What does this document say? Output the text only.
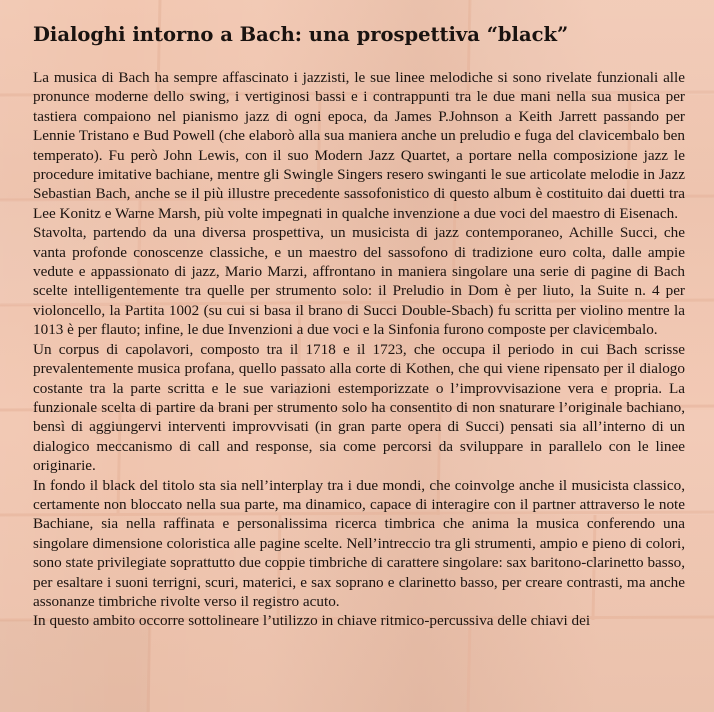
Dialoghi intorno a Bach: una prospettiva “black”

La musica di Bach ha sempre affascinato i jazzisti, le sue linee melodiche si sono rivelate funzionali alle pronunce moderne dello swing, i vertiginosi bassi e i contrappunti tra le due mani nella sua musica per tastiera compaiono nel pianismo jazz di ogni epoca, da James P.Johnson a Keith Jarrett passando per Lennie Tristano e Bud Powell (che elaborò alla sua maniera anche un preludio e fuga del clavicembalo ben temperato). Fu però John Lewis, con il suo Modern Jazz Quartet, a portare nella composizione jazz le procedure imitative bachiane, mentre gli Swingle Singers resero swinganti le sue articolate melodie in Jazz Sebastian Bach, anche se il più illustre precedente sassofonistico di questo album è costituito dai duetti tra Lee Konitz e Warne Marsh, più volte impegnati in qualche invenzione a due voci del maestro di Eisenach.

Stavolta, partendo da una diversa prospettiva, un musicista di jazz contemporaneo, Achille Succi, che vanta profonde conoscenze classiche, e un maestro del sassofono di tradizione euro colta, dalle ampie vedute e appassionato di jazz, Mario Marzi, affrontano in maniera singolare una serie di pagine di Bach scelte intelligentemente tra quelle per strumento solo: il Preludio in Dom è per liuto, la Suite n. 4 per violoncello, la Partita 1002 (su cui si basa il brano di Succi Double-Sbach) fu scritta per violino mentre la 1013 è per flauto; infine, le due Invenzioni a due voci e la Sinfonia furono composte per clavicembalo.

Un corpus di capolavori, composto tra il 1718 e il 1723, che occupa il periodo in cui Bach scrisse prevalentemente musica profana, quello passato alla corte di Kothen, che qui viene ripensato per il dialogo costante tra la parte scritta e le sue variazioni estemporizzate o l’improvvisazione vera e propria. La funzionale scelta di partire da brani per strumento solo ha consentito di non snaturare l’originale bachiano, bensì di aggiungervi interventi improvvisati (in gran parte opera di Succi) pensati sia all’interno di un dialogico meccanismo di call and response, sia come percorsi da sviluppare in parallelo con le linee originarie.

In fondo il black del titolo sta sia nell’interplay tra i due mondi, che coinvolge anche il musicista classico, certamente non bloccato nella sua parte, ma dinamico, capace di interagire con il partner attraverso le note Bachiane, sia nella raffinata e personalissima ricerca timbrica che anima la musica conferendo una singolare dimensione coloristica alle pagine scelte. Nell’intreccio tra gli strumenti, ampio e pieno di colori, sono state privilegiate soprattutto due coppie timbriche di carattere singolare: sax baritono-clarinetto basso, per esaltare i suoni terrigni, scuri, materici, e sax soprano e clarinetto basso, per creare contrasti, ma anche assonanze timbriche rivolte verso il registro acuto.

In questo ambito occorre sottolineare l’utilizzo in chiave ritmico-percussiva delle chiavi dei
